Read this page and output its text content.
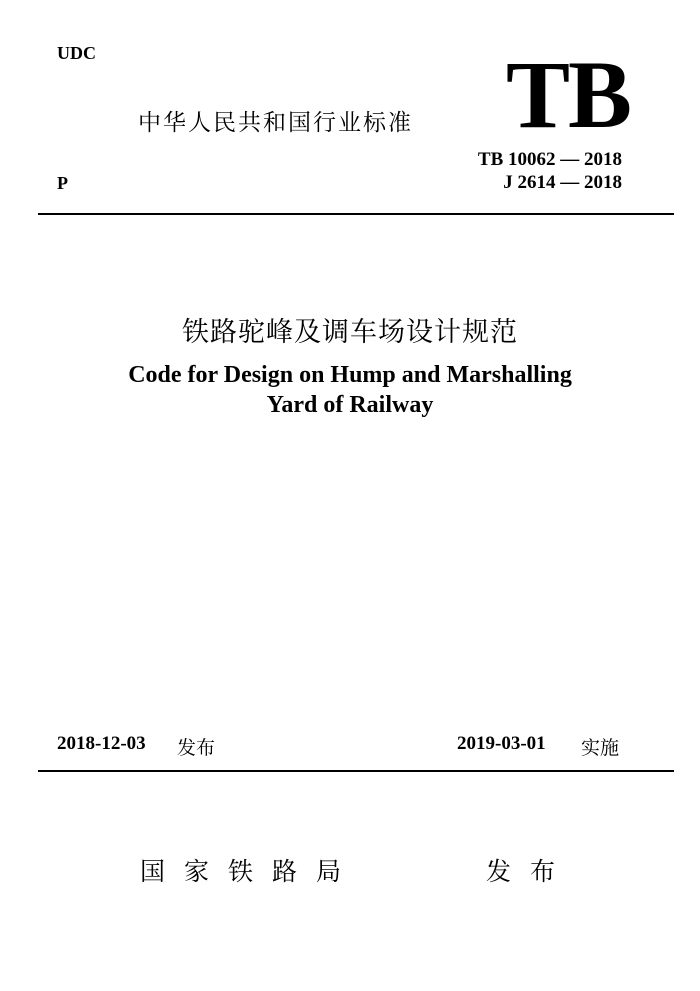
UDC	TB
中华人民共和国行业标准
P
TB 10062 — 2018
J 2614 — 2018
铁路驼峰及调车场设计规范
Code for Design on Hump and Marshalling
Yard of Railway
2018-12-03 发布	2019-03-01 实施
国家铁路局	发布
